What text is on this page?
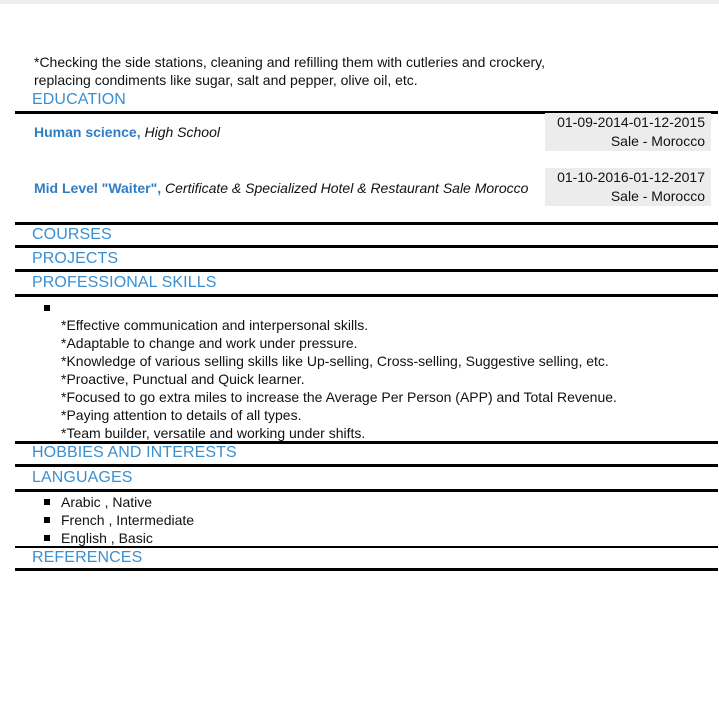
*Checking the side stations, cleaning and refilling them with cutleries and crockery,
replacing condiments like sugar, salt and pepper, olive oil, etc.
EDUCATION
Human science, High School
01-09-2014-01-12-2015
Sale - Morocco
Mid Level "Waiter", Certificate & Specialized Hotel & Restaurant Sale Morocco
01-10-2016-01-12-2017
Sale - Morocco
COURSES
PROJECTS
PROFESSIONAL SKILLS
*Effective communication and interpersonal skills.
*Adaptable to change and work under pressure.
*Knowledge of various selling skills like Up-selling, Cross-selling, Suggestive selling, etc.
*Proactive, Punctual and Quick learner.
*Focused to go extra miles to increase the Average Per Person (APP) and Total Revenue.
*Paying attention to details of all types.
*Team builder, versatile and working under shifts.
HOBBIES AND INTERESTS
LANGUAGES
Arabic , Native
French , Intermediate
English , Basic
REFERENCES
